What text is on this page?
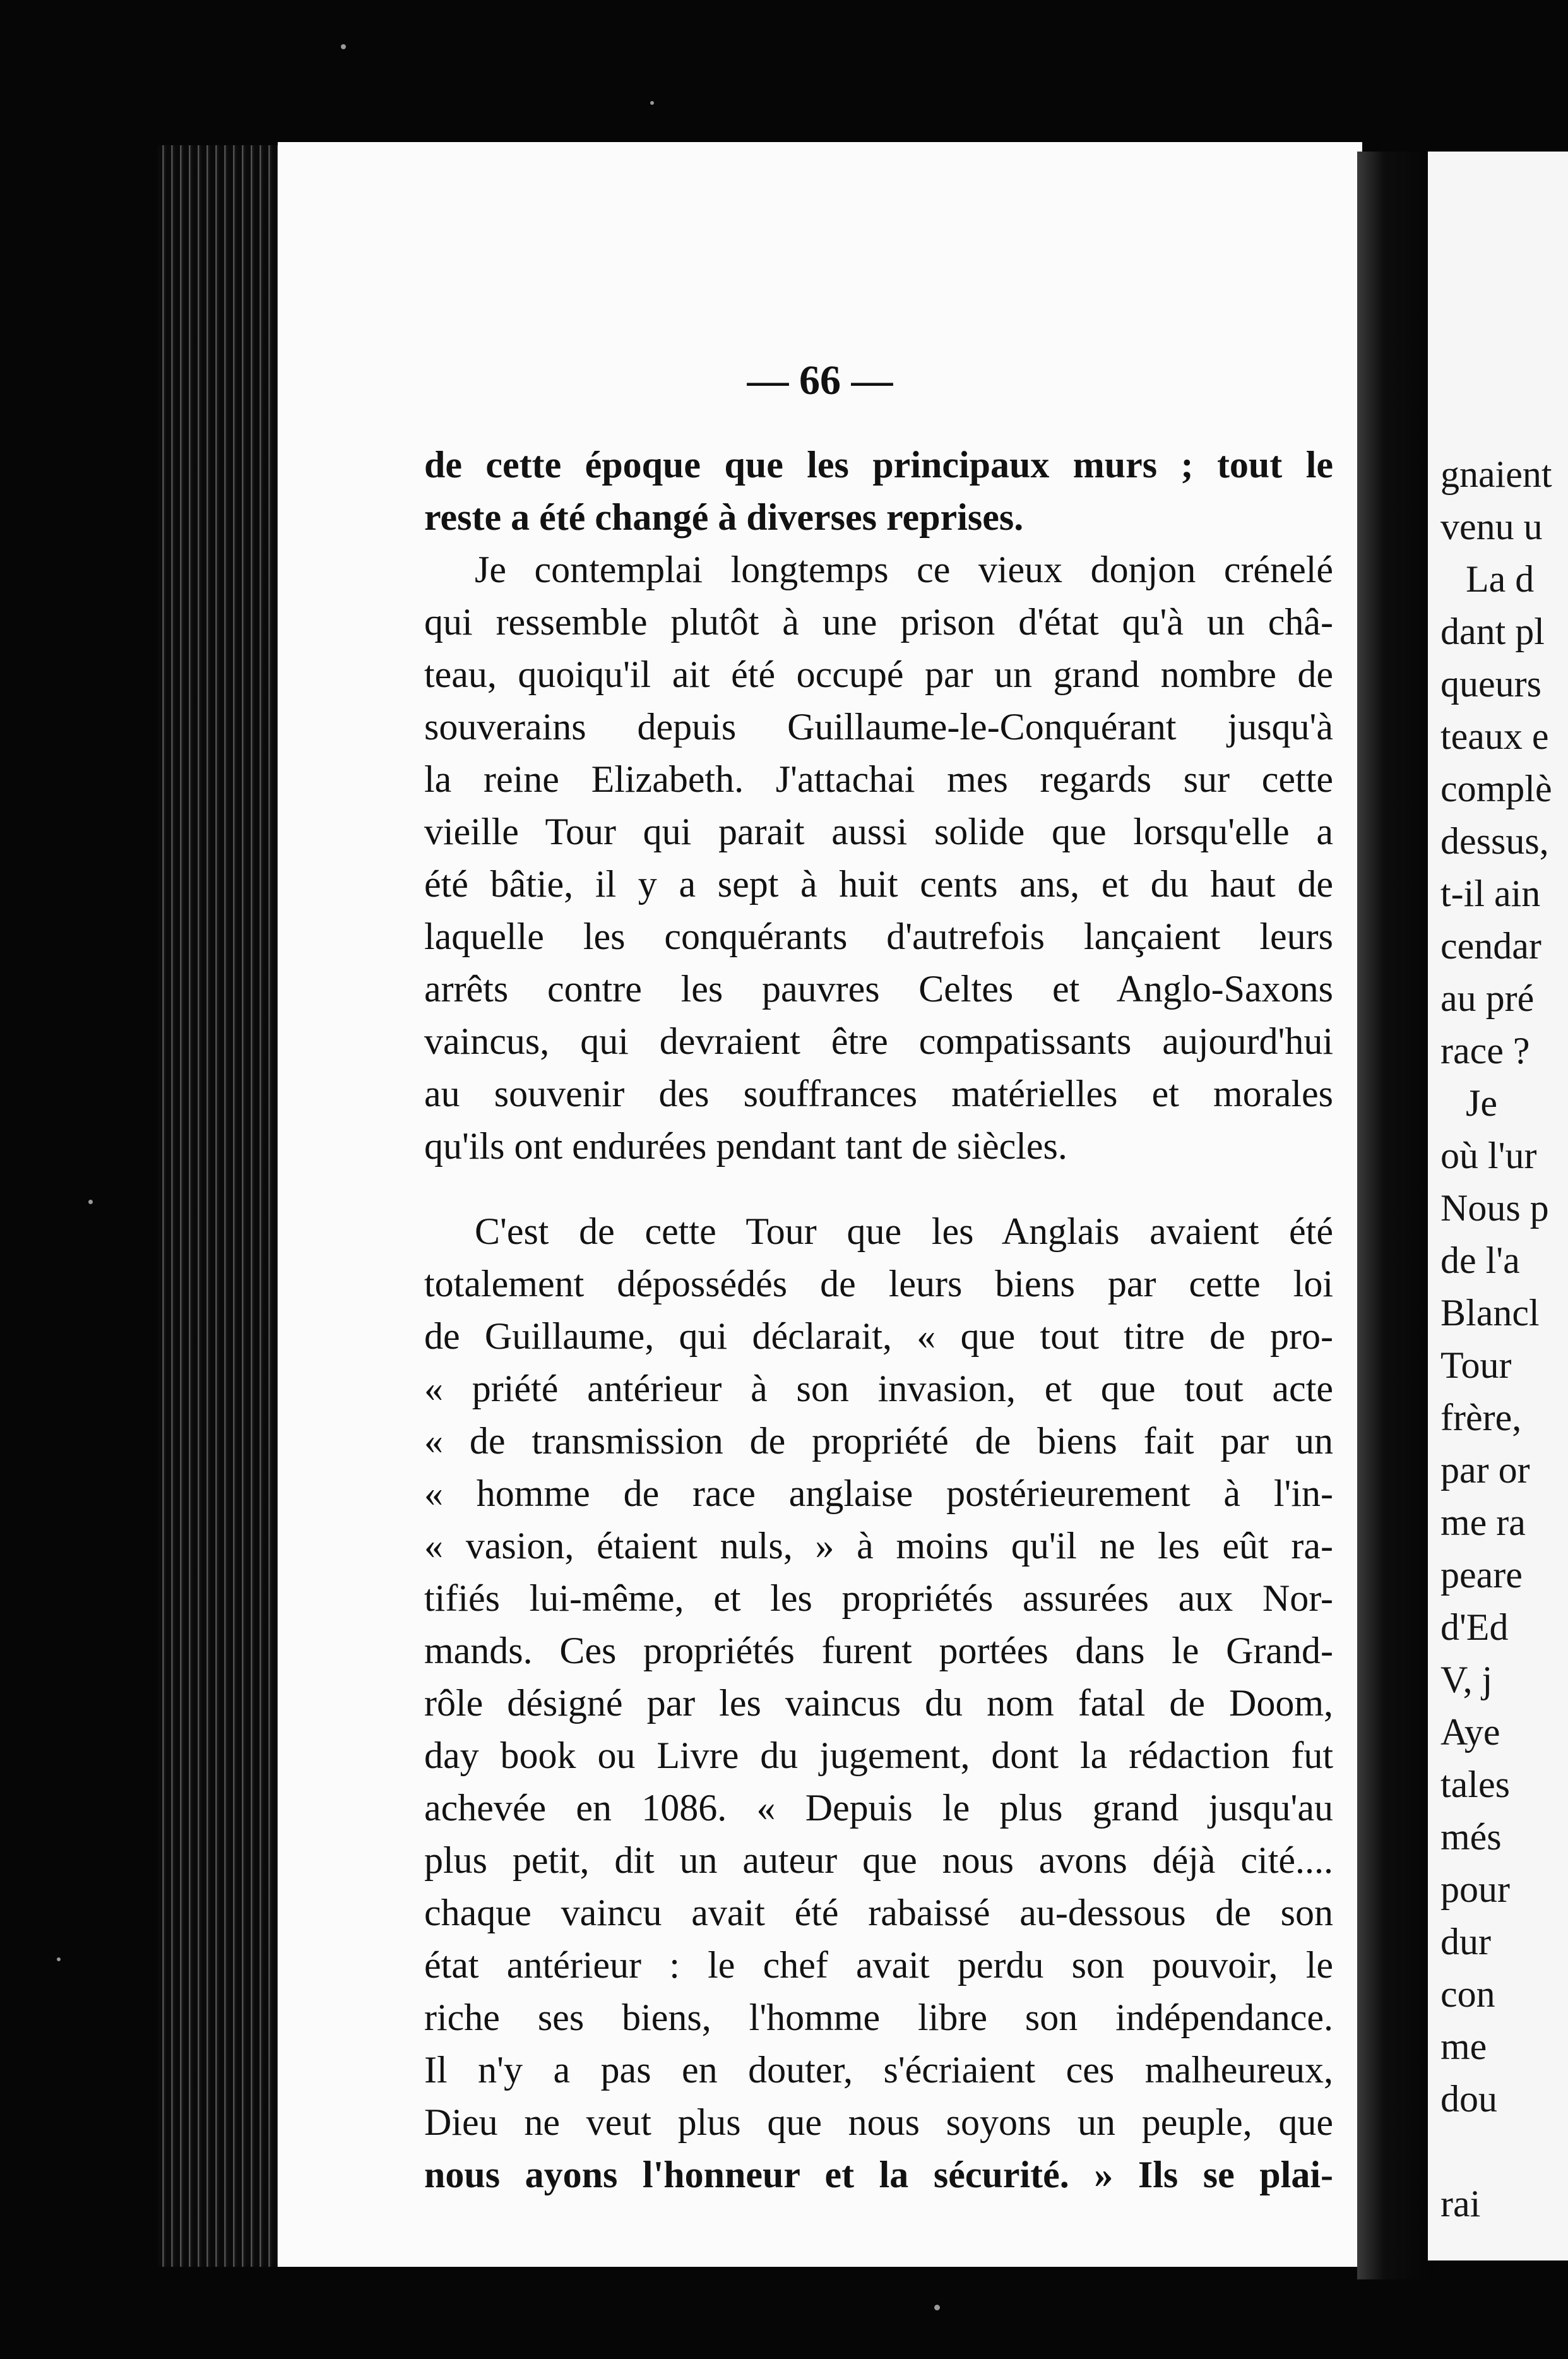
— 66 —
de cette époque que les principaux murs ; tout le
reste a été changé à diverses reprises.
Je contemplai longtemps ce vieux donjon crénelé
qui ressemble plutôt à une prison d'état qu'à un châ-
teau, quoiqu'il ait été occupé par un grand nombre de
souverains depuis Guillaume-le-Conquérant jusqu'à
la reine Elizabeth. J'attachai mes regards sur cette
vieille Tour qui parait aussi solide que lorsqu'elle a
été bâtie, il y a sept à huit cents ans, et du haut de
laquelle les conquérants d'autrefois lançaient leurs
arrêts contre les pauvres Celtes et Anglo-Saxons
vaincus, qui devraient être compatissants aujourd'hui
au souvenir des souffrances matérielles et morales
qu'ils ont endurées pendant tant de siècles.
C'est de cette Tour que les Anglais avaient été
totalement dépossédés de leurs biens par cette loi
de Guillaume, qui déclarait, « que tout titre de pro-
« priété antérieur à son invasion, et que tout acte
« de transmission de propriété de biens fait par un
« homme de race anglaise postérieurement à l'in-
« vasion, étaient nuls, » à moins qu'il ne les eût ra-
tifiés lui-même, et les propriétés assurées aux Nor-
mands. Ces propriétés furent portées dans le Grand-
rôle désigné par les vaincus du nom fatal de Doom,
day book ou Livre du jugement, dont la rédaction fut
achevée en 1086. « Depuis le plus grand jusqu'au
plus petit, dit un auteur que nous avons déjà cité....
chaque vaincu avait été rabaissé au-dessous de son
état antérieur : le chef avait perdu son pouvoir, le
riche ses biens, l'homme libre son indépendance.
Il n'y a pas en douter, s'écriaient ces malheureux,
Dieu ne veut plus que nous soyons un peuple, que
nous ayons l'honneur et la sécurité. » Ils se plai-
gnaient
venu u
La d
dant pl
queurs
teaux e
complè
dessus,
t-il ain
cendar
au pré
race ?
Je
où l'ur
Nous p
de l'a
Blancl
Tour
frère,
par or
me ra
peare
d'Ed
V, j
Aye
tales
més
pour
dur
con
me
dou
rai
